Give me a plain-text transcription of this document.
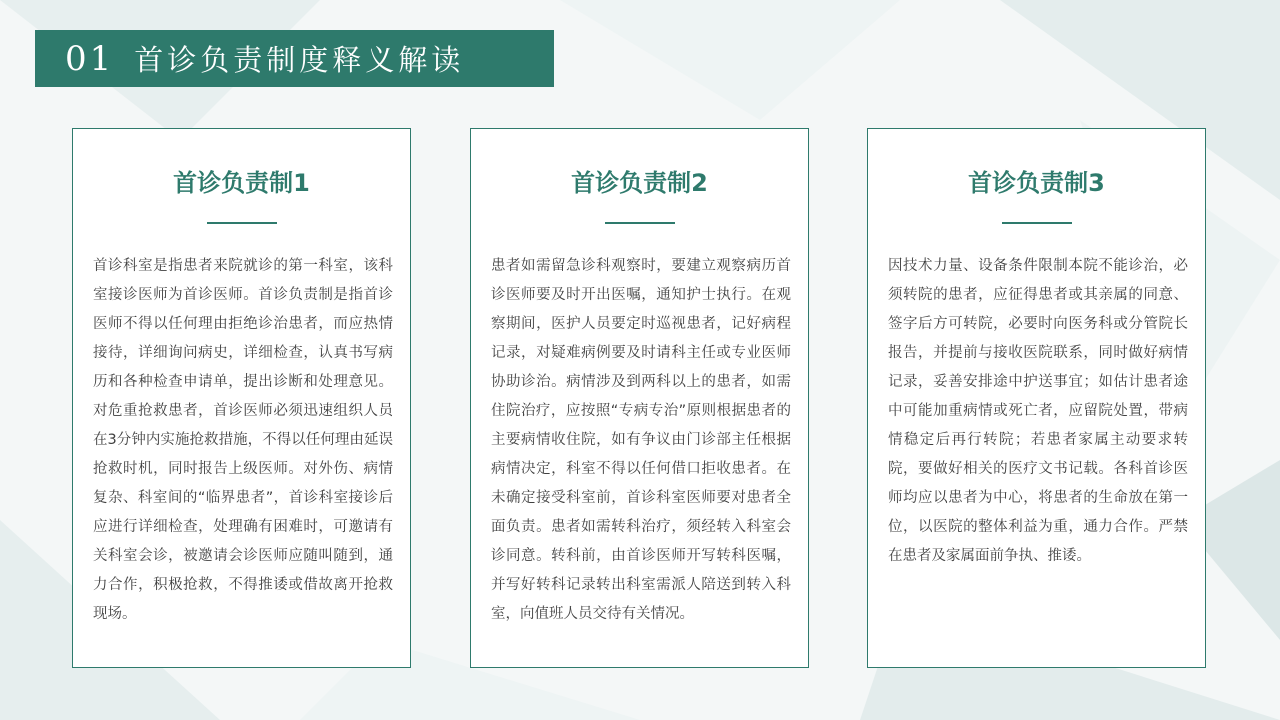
01 首诊负责制度释义解读
首诊负责制1
首诊科室是指患者来院就诊的第一科室，该科室接诊医师为首诊医师。首诊负责制是指首诊医师不得以任何理由拒绝诊治患者，而应热情接待，详细询问病史，详细检查，认真书写病历和各种检查申请单，提出诊断和处理意见。对危重抢救患者，首诊医师必须迅速组织人员在3分钟内实施抢救措施，不得以任何理由延误抢救时机，同时报告上级医师。对外伤、病情复杂、科室间的“临界患者”，首诊科室接诊后应进行详细检查，处理确有困难时，可邀请有关科室会诊，被邀请会诊医师应随叫随到，通力合作，积极抢救，不得推诿或借故离开抢救现场。
首诊负责制2
患者如需留急诊科观察时，要建立观察病历首诊医师要及时开出医嘱，通知护士执行。在观察期间，医护人员要定时巡视患者，记好病程记录，对疑难病例要及时请科主任或专业医师协助诊治。病情涉及到两科以上的患者，如需住院治疗，应按照“专病专治”原则根据患者的主要病情收住院，如有争议由门诊部主任根据病情决定，科室不得以任何借口拒收患者。在未确定接受科室前，首诊科室医师要对患者全面负责。患者如需转科治疗，须经转入科室会诊同意。转科前，由首诊医师开写转科医嘱，并写好转科记录转出科室需派人陪送到转入科室，向值班人员交待有关情况。
首诊负责制3
因技术力量、设备条件限制本院不能诊治，必须转院的患者，应征得患者或其亲属的同意、签字后方可转院，必要时向医务科或分管院长报告，并提前与接收医院联系，同时做好病情记录，妥善安排途中护送事宜；如估计患者途中可能加重病情或死亡者，应留院处置，带病情稳定后再行转院；若患者家属主动要求转院，要做好相关的医疗文书记载。各科首诊医师均应以患者为中心，将患者的生命放在第一位，以医院的整体利益为重，通力合作。严禁在患者及家属面前争执、推诿。
